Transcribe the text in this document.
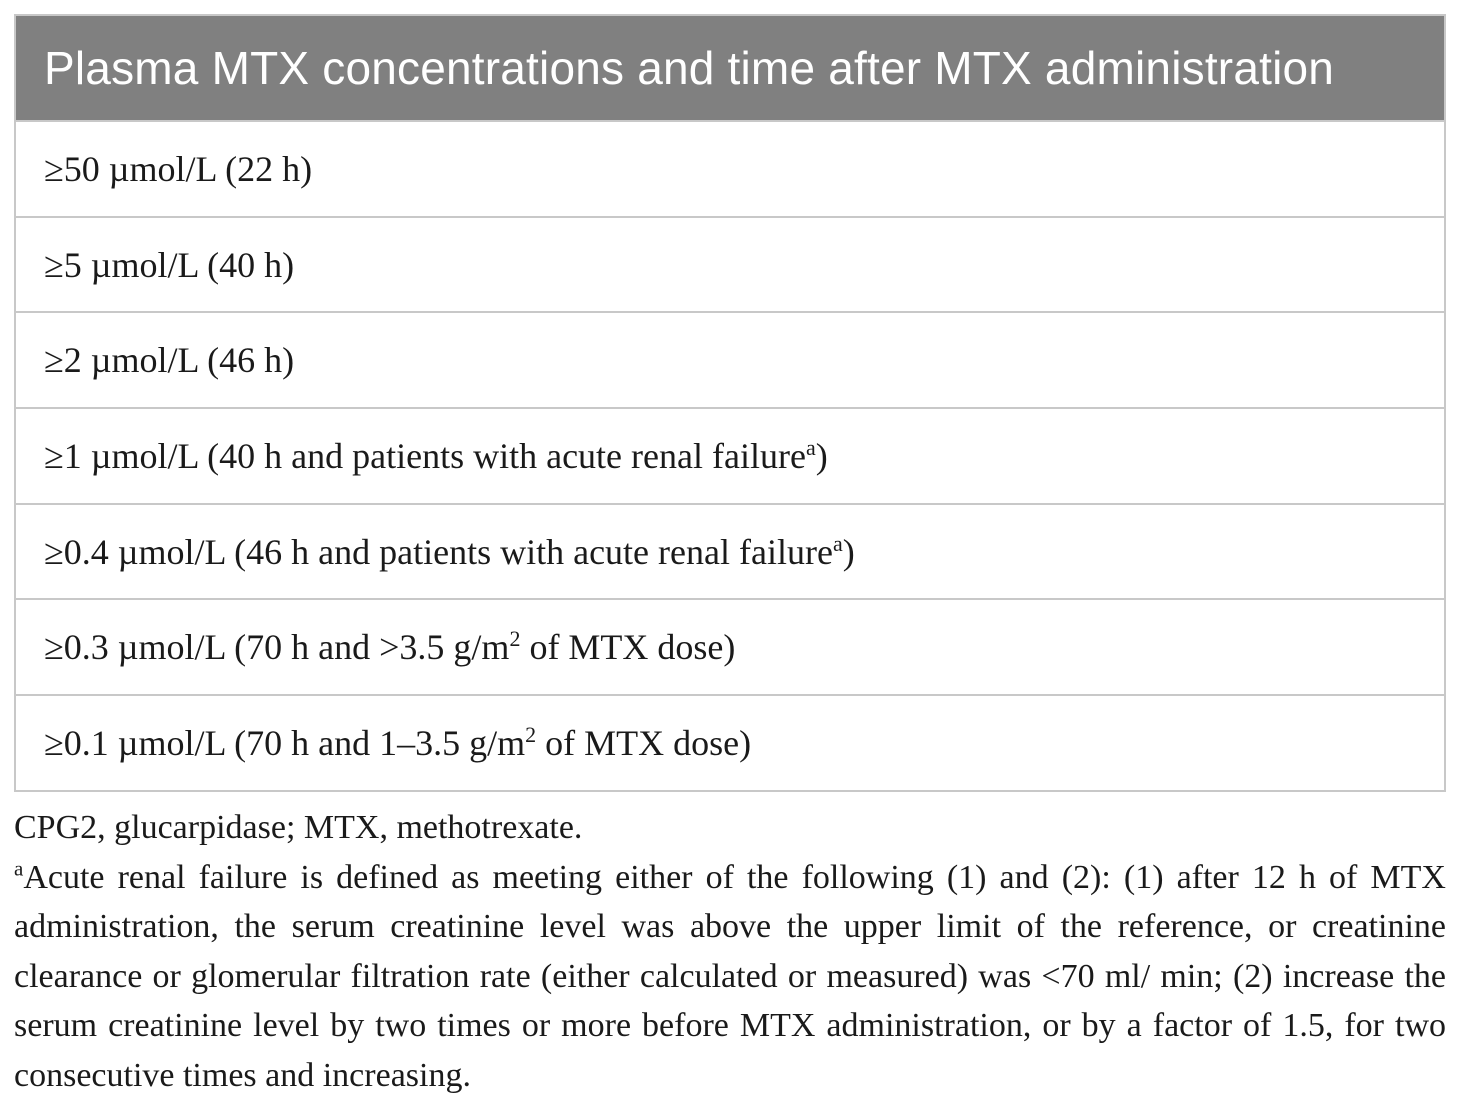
Plasma MTX concentrations and time after MTX administration
≥50 µmol/L (22 h)
≥5 µmol/L (40 h)
≥2 µmol/L (46 h)
≥1 µmol/L (40 h and patients with acute renal failure$^a$)
≥0.4 µmol/L (46 h and patients with acute renal failure$^a$)
≥0.3 µmol/L (70 h and >3.5 $g/m^2$ of MTX dose)
≥0.1 µmol/L (70 h and 1–3.5 $g/m^2$ of MTX dose)

CPG2, glucarpidase; MTX, methotrexate.

$^a$Acute renal failure is defined as meeting either of the following (1) and (2): (1) after 12 h of MTX administration, the serum creatinine level was above the upper limit of the reference, or creatinine clearance or glomerular filtration rate (either calculated or measured) was <70 ml/ min; (2) increase the serum creatinine level by two times or more before MTX administration, or by a factor of 1.5, for two consecutive times and increasing.
